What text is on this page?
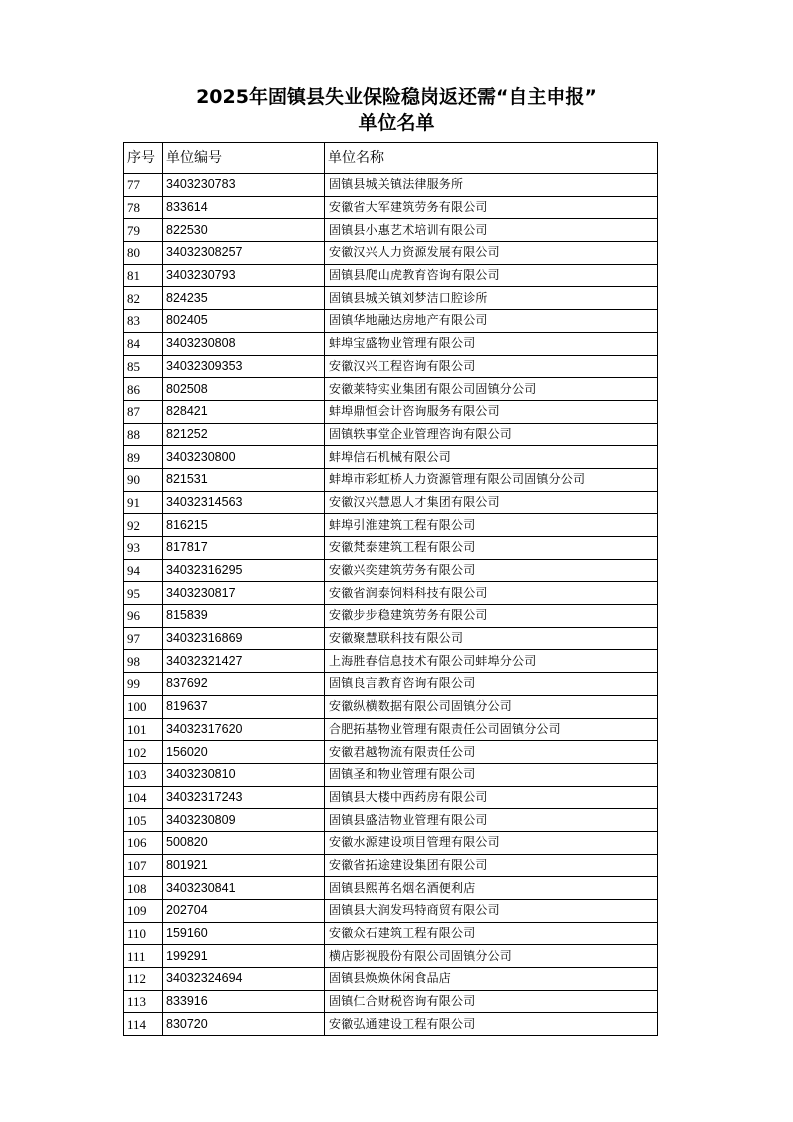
2025年固镇县失业保险稳岗返还需“自主申报”
单位名单
序号	单位编号	单位名称
77	3403230783	固镇县城关镇法律服务所
78	833614	安徽省大军建筑劳务有限公司
79	822530	固镇县小惠艺术培训有限公司
80	34032308257	安徽汉兴人力资源发展有限公司
81	3403230793	固镇县爬山虎教育咨询有限公司
82	824235	固镇县城关镇刘梦洁口腔诊所
83	802405	固镇华地融达房地产有限公司
84	3403230808	蚌埠宝盛物业管理有限公司
85	34032309353	安徽汉兴工程咨询有限公司
86	802508	安徽莱特实业集团有限公司固镇分公司
87	828421	蚌埠鼎恒会计咨询服务有限公司
88	821252	固镇轶事堂企业管理咨询有限公司
89	3403230800	蚌埠信石机械有限公司
90	821531	蚌埠市彩虹桥人力资源管理有限公司固镇分公司
91	34032314563	安徽汉兴慧恩人才集团有限公司
92	816215	蚌埠引淮建筑工程有限公司
93	817817	安徽梵泰建筑工程有限公司
94	34032316295	安徽兴奕建筑劳务有限公司
95	3403230817	安徽省润泰饲料科技有限公司
96	815839	安徽步步稳建筑劳务有限公司
97	34032316869	安徽聚慧联科技有限公司
98	34032321427	上海胜春信息技术有限公司蚌埠分公司
99	837692	固镇良言教育咨询有限公司
100	819637	安徽纵横数据有限公司固镇分公司
101	34032317620	合肥拓基物业管理有限责任公司固镇分公司
102	156020	安徽君越物流有限责任公司
103	3403230810	固镇圣和物业管理有限公司
104	34032317243	固镇县大楼中西药房有限公司
105	3403230809	固镇县盛洁物业管理有限公司
106	500820	安徽水源建设项目管理有限公司
107	801921	安徽省拓途建设集团有限公司
108	3403230841	固镇县熙苒名烟名酒便利店
109	202704	固镇县大润发玛特商贸有限公司
110	159160	安徽众石建筑工程有限公司
111	199291	横店影视股份有限公司固镇分公司
112	34032324694	固镇县焕焕休闲食品店
113	833916	固镇仁合财税咨询有限公司
114	830720	安徽弘通建设工程有限公司
